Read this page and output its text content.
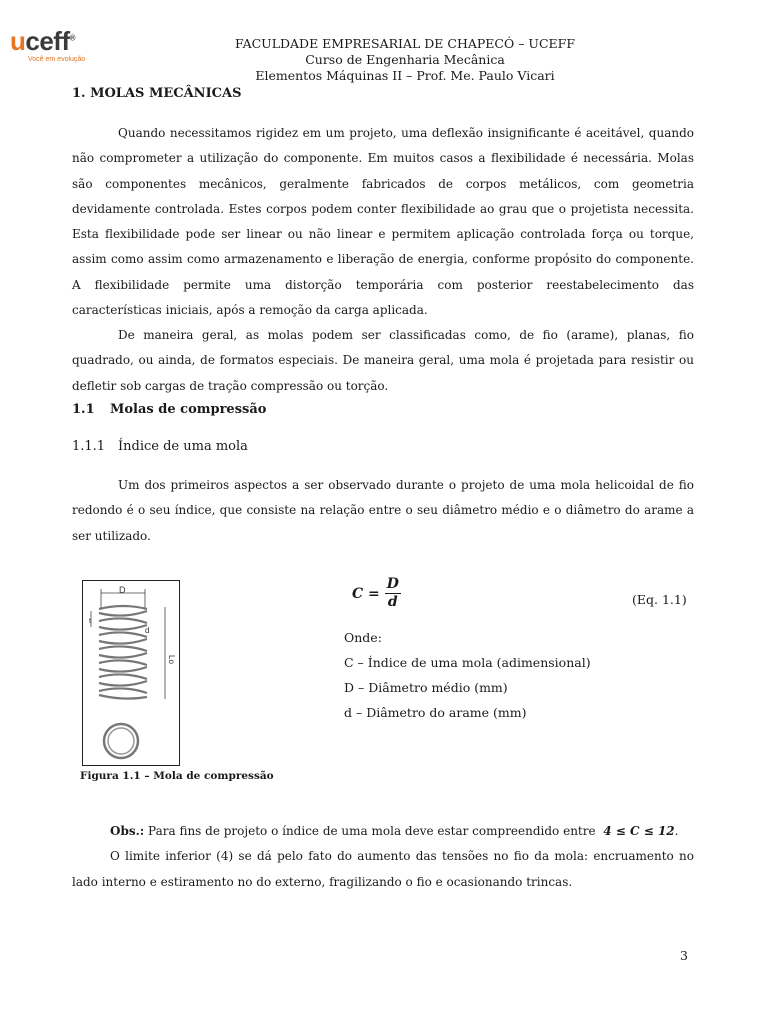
uceff®
Você em evolução
FACULDADE EMPRESARIAL DE CHAPECÓ – UCEFF
Curso de Engenharia Mecânica
Elementos Máquinas II – Prof. Me. Paulo Vicari
1. MOLAS MECÂNICAS
Quando necessitamos rigidez em um projeto, uma deflexão insignificante é aceitável, quando não comprometer a utilização do componente. Em muitos casos a flexibilidade é necessária. Molas são componentes mecânicos, geralmente fabricados de corpos metálicos, com geometria devidamente controlada. Estes corpos podem conter flexibilidade ao grau que o projetista necessita. Esta flexibilidade pode ser linear ou não linear e permitem aplicação controlada força ou torque, assim como assim como armazenamento e liberação de energia, conforme propósito do componente. A flexibilidade permite uma distorção temporária com posterior reestabelecimento das características iniciais, após a remoção da carga aplicada.
De maneira geral, as molas podem ser classificadas como, de fio (arame), planas, fio quadrado, ou ainda, de formatos especiais. De maneira geral, uma mola é projetada para resistir ou defletir sob cargas de tração compressão ou torção.
1.1 Molas de compressão
1.1.1 Índice de uma mola
Um dos primeiros aspectos a ser observado durante o projeto de uma mola helicoidal de fio redondo é o seu índice, que consiste na relação entre o seu diâmetro médio e o diâmetro do arame a ser utilizado.
D
t
Lo
d
Figura 1.1 – Mola de compressão
$C = \frac{D}{d}$	(Eq. 1.1)
Onde:
C – Índice de uma mola (adimensional)
D – Diâmetro médio (mm)
d – Diâmetro do arame (mm)
Obs.: Para fins de projeto o índice de uma mola deve estar compreendido entre 4 ≤ C ≤ 12.
O limite inferior (4) se dá pelo fato do aumento das tensões no fio da mola: encruamento no lado interno e estiramento no do externo, fragilizando o fio e ocasionando trincas.
3
